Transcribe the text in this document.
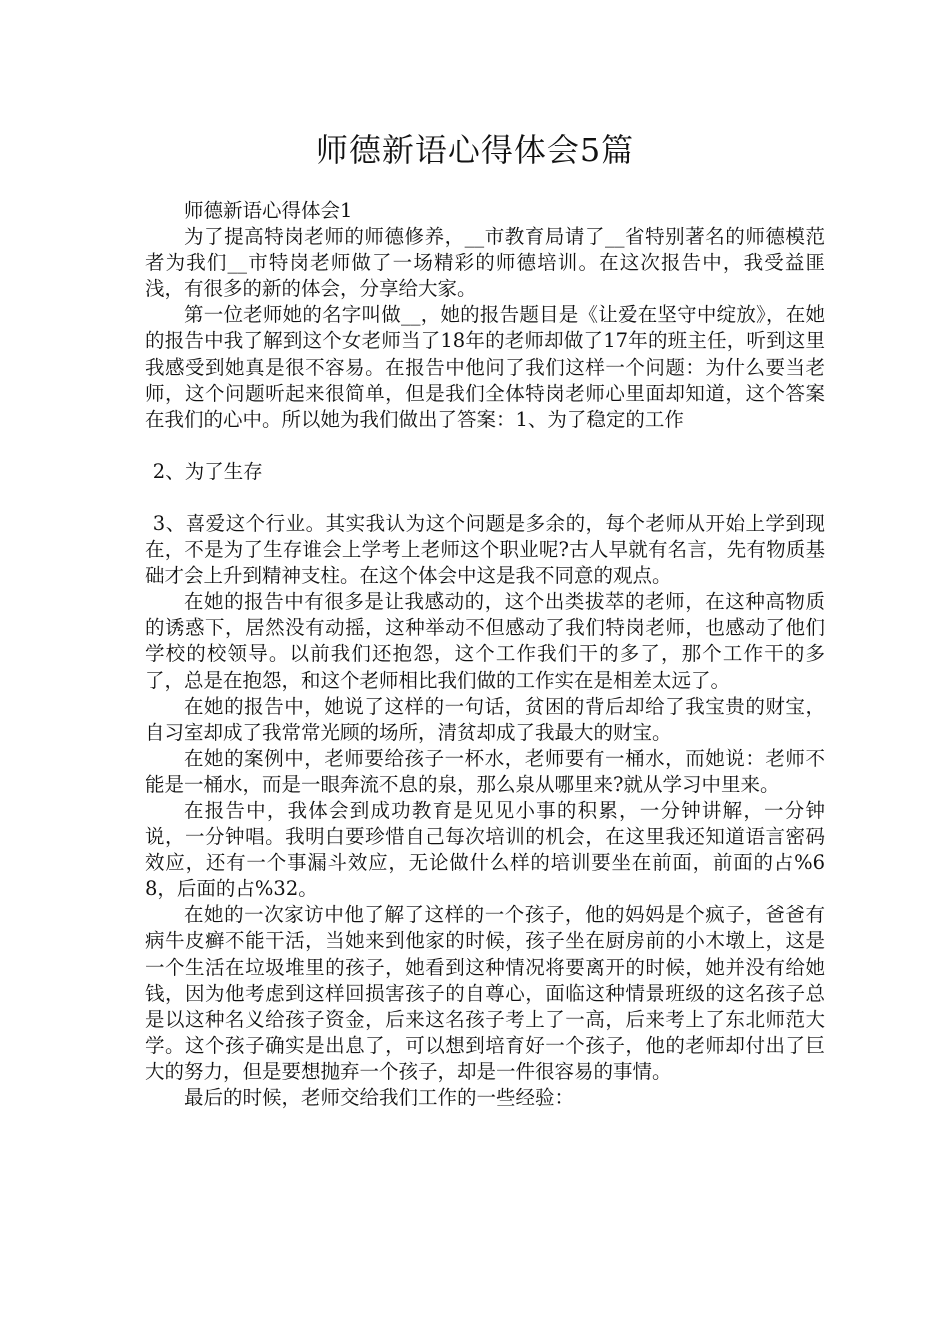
师德新语心得体会5篇

师德新语心得体会1

为了提高特岗老师的师德修养，__市教育局请了__省特别著名的师德模范者为我们__市特岗老师做了一场精彩的师德培训。在这次报告中，我受益匪浅，有很多的新的体会，分享给大家。

第一位老师她的名字叫做__，她的报告题目是《让爱在坚守中绽放》，在她的报告中我了解到这个女老师当了18年的老师却做了17年的班主任，听到这里我感受到她真是很不容易。在报告中他问了我们这样一个问题：为什么要当老师，这个问题听起来很简单，但是我们全体特岗老师心里面却知道，这个答案在我们的心中。所以她为我们做出了答案：1、为了稳定的工作

2、为了生存

3、喜爱这个行业。其实我认为这个问题是多余的，每个老师从开始上学到现在，不是为了生存谁会上学考上老师这个职业呢?古人早就有名言，先有物质基础才会上升到精神支柱。在这个体会中这是我不同意的观点。

在她的报告中有很多是让我感动的，这个出类拔萃的老师，在这种高物质的诱惑下，居然没有动摇，这种举动不但感动了我们特岗老师，也感动了他们学校的校领导。以前我们还抱怨，这个工作我们干的多了，那个工作干的多了，总是在抱怨，和这个老师相比我们做的工作实在是相差太远了。

在她的报告中，她说了这样的一句话，贫困的背后却给了我宝贵的财宝，自习室却成了我常常光顾的场所，清贫却成了我最大的财宝。

在她的案例中，老师要给孩子一杯水，老师要有一桶水，而她说：老师不能是一桶水，而是一眼奔流不息的泉，那么泉从哪里来?就从学习中里来。

在报告中，我体会到成功教育是见见小事的积累，一分钟讲解，一分钟说，一分钟唱。我明白要珍惜自己每次培训的机会，在这里我还知道语言密码效应，还有一个事漏斗效应，无论做什么样的培训要坐在前面，前面的占%68，后面的占%32。

在她的一次家访中他了解了这样的一个孩子，他的妈妈是个疯子，爸爸有病牛皮癣不能干活，当她来到他家的时候，孩子坐在厨房前的小木墩上，这是一个生活在垃圾堆里的孩子，她看到这种情况将要离开的时候，她并没有给她钱，因为他考虑到这样回损害孩子的自尊心，面临这种情景班级的这名孩子总是以这种名义给孩子资金，后来这名孩子考上了一高，后来考上了东北师范大学。这个孩子确实是出息了，可以想到培育好一个孩子，他的老师却付出了巨大的努力，但是要想抛弃一个孩子，却是一件很容易的事情。

最后的时候，老师交给我们工作的一些经验：
